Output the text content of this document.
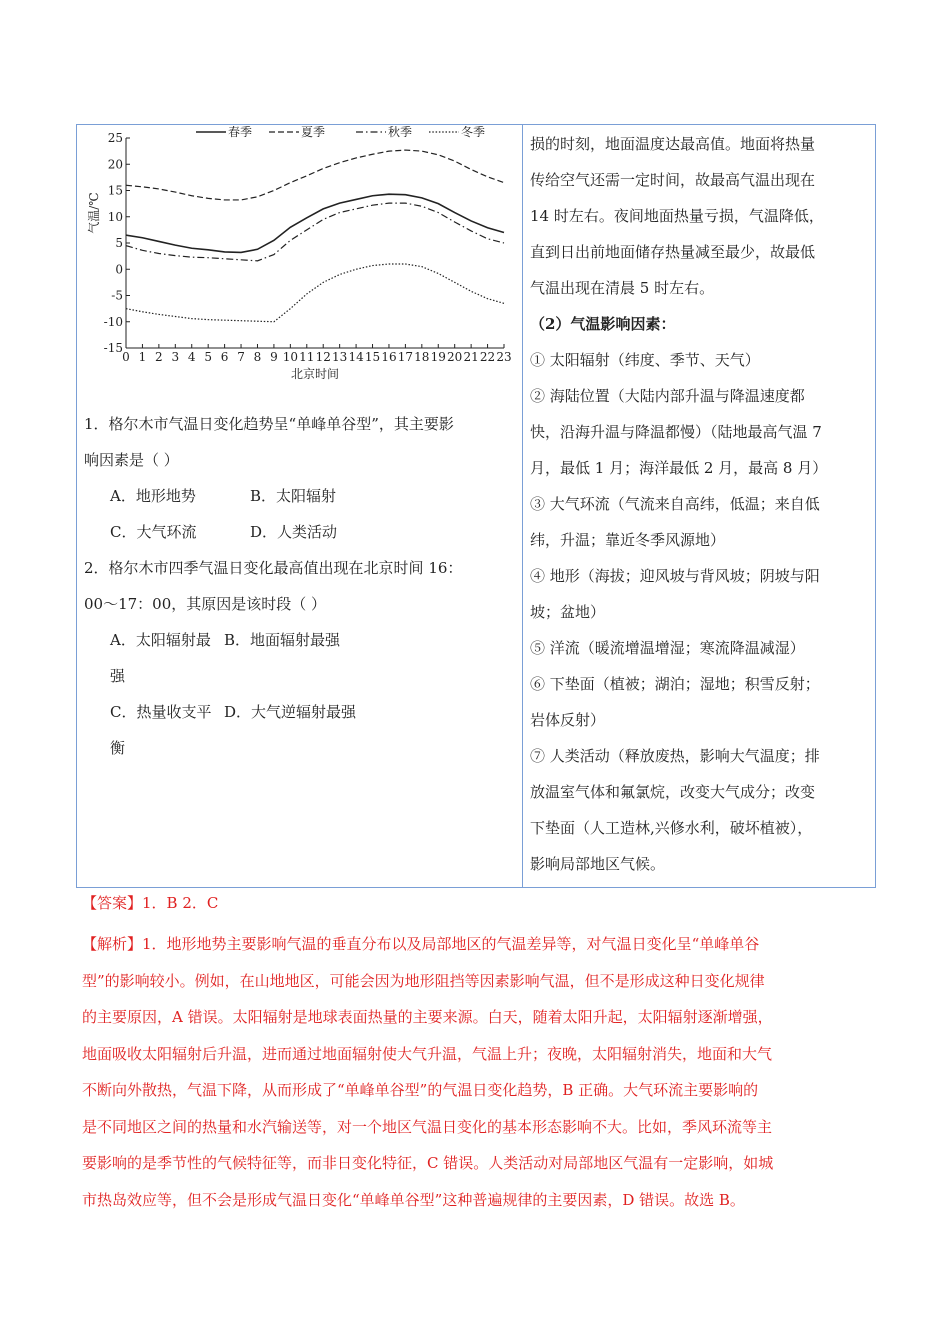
25
20
15
10
5
0
-5
-10
-15
0 1 2 3 4 5 6 7 8 9 10 11 12 13 14 15 16 17 18 19 20 21 22 23
北京时间
气温/℃
春季	夏季	秋季	冬季
1．格尔木市气温日变化趋势呈“单峰单谷型”，其主要影
响因素是（ ）
A．地形地势	B．太阳辐射
C．大气环流	D．人类活动
2．格尔木市四季气温日变化最高值出现在北京时间 16：
00～17：00，其原因是该时段（ ）
A．太阳辐射最强
B．地面辐射最强
C．热量收支平衡
D．大气逆辐射最强
损的时刻，地面温度达最高值。地面将热量
传给空气还需一定时间，故最高气温出现在
14 时左右。夜间地面热量亏损，气温降低，
直到日出前地面储存热量减至最少，故最低
气温出现在清晨 5 时左右。
（2）气温影响因素：
① 太阳辐射（纬度、季节、天气）
② 海陆位置（大陆内部升温与降温速度都
快，沿海升温与降温都慢）（陆地最高气温 7
月，最低 1 月；海洋最低 2 月，最高 8 月）
③ 大气环流（气流来自高纬，低温；来自低
纬，升温；靠近冬季风源地）
④ 地形（海拔；迎风坡与背风坡；阴坡与阳
坡；盆地）
⑤ 洋流（暖流增温增湿；寒流降温减湿）
⑥ 下垫面（植被；湖泊；湿地；积雪反射；
岩体反射）
⑦ 人类活动（释放废热，影响大气温度；排
放温室气体和氟氯烷，改变大气成分；改变
下垫面（人工造林,兴修水利，破坏植被），
影响局部地区气候。
【答案】1．B 2．C
【解析】1．地形地势主要影响气温的垂直分布以及局部地区的气温差异等，对气温日变化呈“单峰单谷
型”的影响较小。例如，在山地地区，可能会因为地形阻挡等因素影响气温，但不是形成这种日变化规律
的主要原因，A 错误。太阳辐射是地球表面热量的主要来源。白天，随着太阳升起，太阳辐射逐渐增强，
地面吸收太阳辐射后升温，进而通过地面辐射使大气升温，气温上升；夜晚，太阳辐射消失，地面和大气
不断向外散热，气温下降，从而形成了“单峰单谷型”的气温日变化趋势，B 正确。大气环流主要影响的
是不同地区之间的热量和水汽输送等，对一个地区气温日变化的基本形态影响不大。比如，季风环流等主
要影响的是季节性的气候特征等，而非日变化特征，C 错误。人类活动对局部地区气温有一定影响，如城
市热岛效应等，但不会是形成气温日变化“单峰单谷型”这种普遍规律的主要因素，D 错误。故选 B。
